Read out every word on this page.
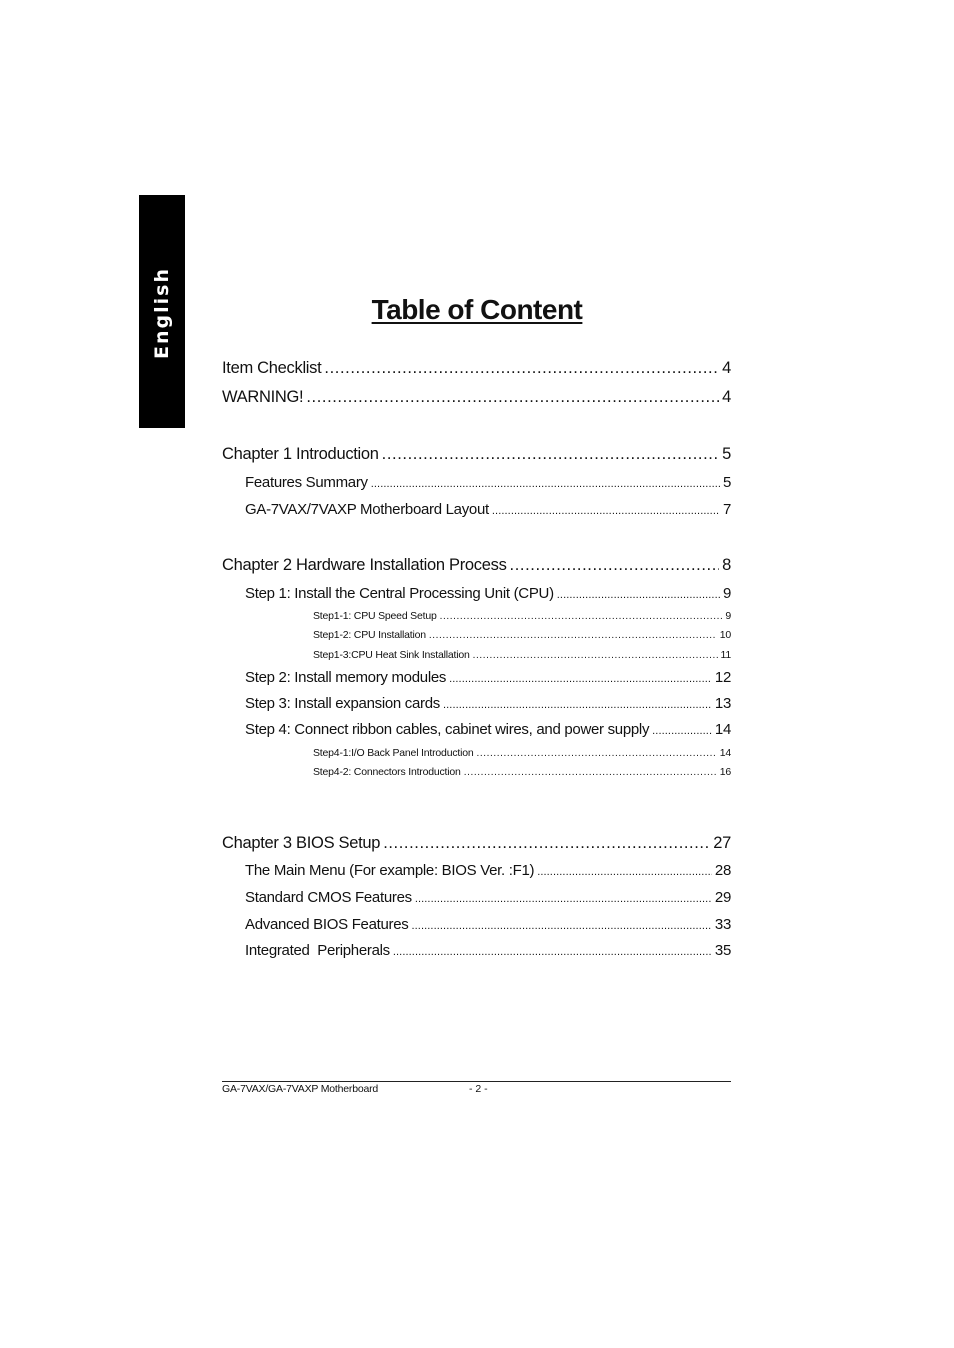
English	Table of Content
Item Checklist .....	4
WARNING! .....	4
Chapter 1 Introduction .....	5
Features Summary .....	5
GA-7VAX/7VAXP Motherboard Layout .....	7
Chapter 2 Hardware Installation Process .....	8
Step 1: Install the Central Processing Unit (CPU) .....	9
Step1-1: CPU Speed Setup .....	9
Step1-2: CPU Installation .....	10
Step1-3:CPU Heat Sink Installation .....	11
Step 2: Install memory modules .....	12
Step 3: Install expansion cards .....	13
Step 4: Connect ribbon cables, cabinet wires, and power supply .....	14
Step4-1:I/O Back Panel Introduction .....	14
Step4-2: Connectors Introduction .....	16
Chapter 3 BIOS Setup .....	27
The Main Menu (For example: BIOS Ver. :F1) .....	28
Standard CMOS Features .....	29
Advanced BIOS Features .....	33
Integrated  Peripherals .....	35
GA-7VAX/GA-7VAXP Motherboard	- 2 -
